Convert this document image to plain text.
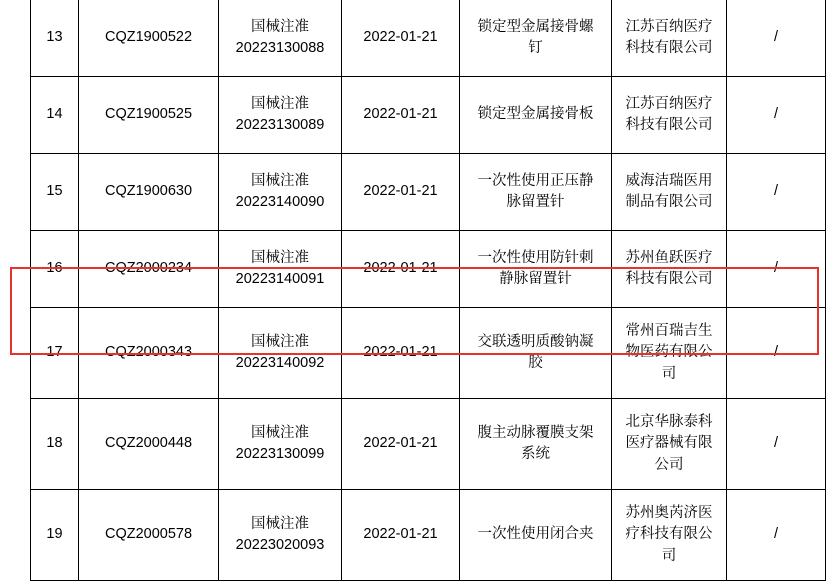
13	CQZ1900522	
国械注准
20223130088
	2022-01-21	
锁定型金属接骨螺
钉

江苏百纳医疗
科技有限公司
	/
14	CQZ1900525	
国械注准
20223130089
	2022-01-21	锁定型金属接骨板

江苏百纳医疗
科技有限公司
	/
15	CQZ1900630	
国械注准
20223140090
	2022-01-21	
一次性使用正压静
脉留置针

威海洁瑞医用
制品有限公司
	/
16	CQZ2000234	
国械注准
20223140091
	2022-01-21	
一次性使用防针刺
静脉留置针

苏州鱼跃医疗
科技有限公司
	/
17	CQZ2000343	
国械注准
20223140092
	2022-01-21	
交联透明质酸钠凝
胶

常州百瑞吉生
物医药有限公
司
	/
18	CQZ2000448	
国械注准
20223130099
	2022-01-21	
腹主动脉覆膜支架
系统

北京华脉泰科
医疗器械有限
公司
	/
19	CQZ2000578	
国械注准
20223020093
	2022-01-21	一次性使用闭合夹

苏州奥芮济医
疗科技有限公
司
	/
